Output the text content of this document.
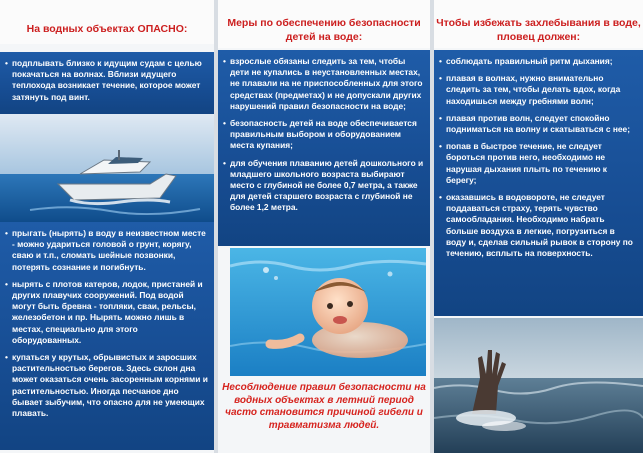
На водных объектах ОПАСНО:

• подплывать близко к идущим судам с целью покачаться на волнах. Вблизи идущего теплохода возникает течение, которое может затянуть под винт.

• прыгать (нырять) в воду в неизвестном месте - можно удариться головой о грунт, корягу, сваю и т.п., сломать шейные позвонки, потерять сознание и погибнуть.

• нырять с плотов катеров, лодок, пристаней и других плавучих сооружений. Под водой могут быть бревна - топляки, сваи, рельсы, железобетон и пр. Нырять можно лишь в местах, специально для этого оборудованных.

• купаться у крутых, обрывистых и заросших растительностью берегов. Здесь склон дна может оказаться очень засоренным корнями и растительностью. Иногда песчаное дно бывает зыбучим, что опасно для не умеющих плавать.

Меры по обеспечению безопасности детей на воде:

• взрослые обязаны следить за тем, чтобы дети не купались в неустановленных местах, не плавали на не приспособленных для этого средствах (предметах) и не допускали других нарушений правил безопасности на воде;

• безопасность детей на воде обеспечивается правильным выбором и оборудованием места купания;

• для обучения плаванию детей дошкольного и младшего школьного возраста выбирают место с глубиной не более 0,7 метра, а также для детей старшего возраста с глубиной не более 1,2 метра.

Несоблюдение правил безопасности на водных объектах в летний период часто становится причиной гибели и травматизма людей.
Чтобы избежать захлебывания в воде, пловец должен:

• соблюдать правильный ритм дыхания;

• плавая в волнах, нужно внимательно следить за тем, чтобы делать вдох, когда находишься между гребнями волн;

• плавая против волн, следует спокойно подниматься на волну и скатываться с нее;

• попав в быстрое течение, не следует бороться против него, необходимо не нарушая дыхания плыть по течению к берегу;

• оказавшись в водовороте, не следует поддаваться страху, терять чувство самообладания. Необходимо набрать больше воздуха в легкие, погрузиться в воду и, сделав сильный рывок в сторону по течению, всплыть на поверхность.
